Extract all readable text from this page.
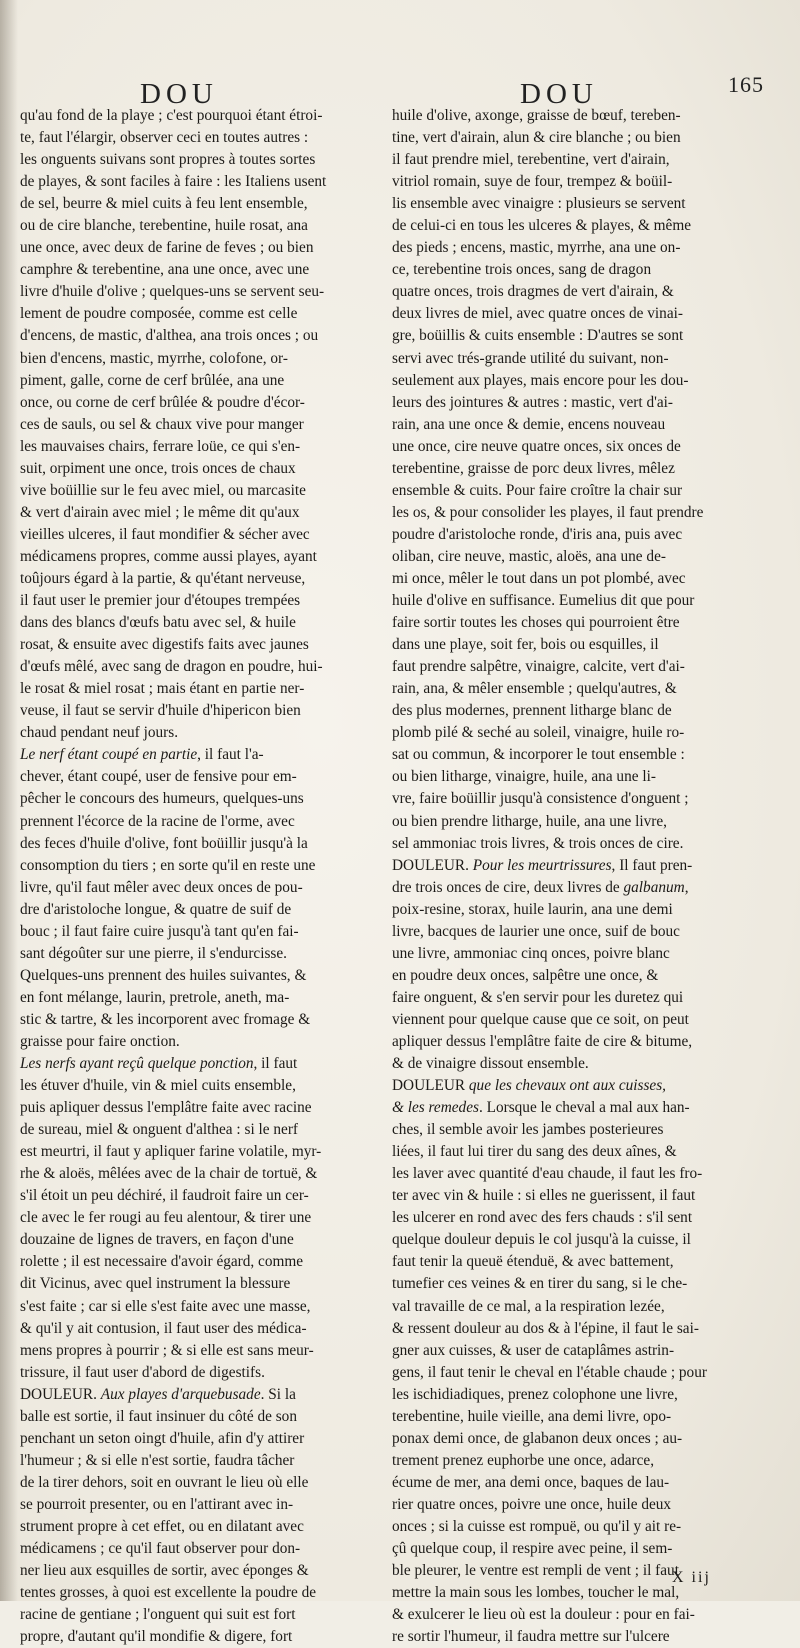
DOU	DOU	165
qu'au fond de la playe ; c'est pourquoi étant étroi-
te, faut l'élargir, observer ceci en toutes autres :
les onguents suivans sont propres à toutes sortes
de playes, & sont faciles à faire : les Italiens usent
de sel, beurre & miel cuits à feu lent ensemble,
ou de cire blanche, terebentine, huile rosat, ana
une once, avec deux de farine de feves ; ou bien
camphre & terebentine, ana une once, avec une
livre d'huile d'olive ; quelques-uns se servent seu-
lement de poudre composée, comme est celle
d'encens, de mastic, d'althea, ana trois onces ; ou
bien d'encens, mastic, myrrhe, colofone, or-
piment, galle, corne de cerf brûlée, ana une
once, ou corne de cerf brûlée & poudre d'écor-
ces de sauls, ou sel & chaux vive pour manger
les mauvaises chairs, ferrare loüe, ce qui s'en-
suit, orpiment une once, trois onces de chaux
vive boüillie sur le feu avec miel, ou marcasite
& vert d'airain avec miel ; le même dit qu'aux
vieilles ulceres, il faut mondifier & sécher avec
médicamens propres, comme aussi playes, ayant
toûjours égard à la partie, & qu'étant nerveuse,
il faut user le premier jour d'étoupes trempées
dans des blancs d'œufs batu avec sel, & huile
rosat, & ensuite avec digestifs faits avec jaunes
d'œufs mêlé, avec sang de dragon en poudre, hui-
le rosat & miel rosat ; mais étant en partie ner-
veuse, il faut se servir d'huile d'hipericon bien
chaud pendant neuf jours.
Le nerf étant coupé en partie, il faut l'a-
chever, étant coupé, user de fensive pour em-
pêcher le concours des humeurs, quelques-uns
prennent l'écorce de la racine de l'orme, avec
des feces d'huile d'olive, font boüillir jusqu'à la
consomption du tiers ; en sorte qu'il en reste une
livre, qu'il faut mêler avec deux onces de pou-
dre d'aristoloche longue, & quatre de suif de
bouc ; il faut faire cuire jusqu'à tant qu'en fai-
sant dégoûter sur une pierre, il s'endurcisse.
Quelques-uns prennent des huiles suivantes, &
en font mélange, laurin, pretrole, aneth, ma-
stic & tartre, & les incorporent avec fromage &
graisse pour faire onction.
Les nerfs ayant reçû quelque ponction, il faut
les étuver d'huile, vin & miel cuits ensemble,
puis apliquer dessus l'emplâtre faite avec racine
de sureau, miel & onguent d'althea : si le nerf
est meurtri, il faut y apliquer farine volatile, myr-
rhe & aloës, mêlées avec de la chair de tortuë, &
s'il étoit un peu déchiré, il faudroit faire un cer-
cle avec le fer rougi au feu alentour, & tirer une
douzaine de lignes de travers, en façon d'une
rolette ; il est necessaire d'avoir égard, comme
dit Vicinus, avec quel instrument la blessure
s'est faite ; car si elle s'est faite avec une masse,
& qu'il y ait contusion, il faut user des médica-
mens propres à pourrir ; & si elle est sans meur-
trissure, il faut user d'abord de digestifs.
DOULEUR. Aux playes d'arquebusade. Si la
balle est sortie, il faut insinuer du côté de son
penchant un seton oingt d'huile, afin d'y attirer
l'humeur ; & si elle n'est sortie, faudra tâcher
de la tirer dehors, soit en ouvrant le lieu où elle
se pourroit presenter, ou en l'attirant avec in-
strument propre à cet effet, ou en dilatant avec
médicamens ; ce qu'il faut observer pour don-
ner lieu aux esquilles de sortir, avec éponges &
tentes grosses, à quoi est excellente la poudre de
racine de gentiane ; l'onguent qui suit est fort
propre, d'autant qu'il mondifie & digere, fort
huile d'olive, axonge, graisse de bœuf, tereben-
tine, vert d'airain, alun & cire blanche ; ou bien
il faut prendre miel, terebentine, vert d'airain,
vitriol romain, suye de four, trempez & boüil-
lis ensemble avec vinaigre : plusieurs se servent
de celui-ci en tous les ulceres & playes, & même
des pieds ; encens, mastic, myrrhe, ana une on-
ce, terebentine trois onces, sang de dragon
quatre onces, trois dragmes de vert d'airain, &
deux livres de miel, avec quatre onces de vinai-
gre, boüillis & cuits ensemble : D'autres se sont
servi avec trés-grande utilité du suivant, non-
seulement aux playes, mais encore pour les dou-
leurs des jointures & autres : mastic, vert d'ai-
rain, ana une once & demie, encens nouveau
une once, cire neuve quatre onces, six onces de
terebentine, graisse de porc deux livres, mêlez
ensemble & cuits. Pour faire croître la chair sur
les os, & pour consolider les playes, il faut prendre
poudre d'aristoloche ronde, d'iris ana, puis avec
oliban, cire neuve, mastic, aloës, ana une de-
mi once, mêler le tout dans un pot plombé, avec
huile d'olive en suffisance. Eumelius dit que pour
faire sortir toutes les choses qui pourroient être
dans une playe, soit fer, bois ou esquilles, il
faut prendre salpêtre, vinaigre, calcite, vert d'ai-
rain, ana, & mêler ensemble ; quelqu'autres, &
des plus modernes, prennent litharge blanc de
plomb pilé & seché au soleil, vinaigre, huile ro-
sat ou commun, & incorporer le tout ensemble :
ou bien litharge, vinaigre, huile, ana une li-
vre, faire boüillir jusqu'à consistence d'onguent ;
ou bien prendre litharge, huile, ana une livre,
sel ammoniac trois livres, & trois onces de cire.
DOULEUR. Pour les meurtrissures, Il faut pren-
dre trois onces de cire, deux livres de galbanum,
poix-resine, storax, huile laurin, ana une demi
livre, bacques de laurier une once, suif de bouc
une livre, ammoniac cinq onces, poivre blanc
en poudre deux onces, salpêtre une once, &
faire onguent, & s'en servir pour les duretez qui
viennent pour quelque cause que ce soit, on peut
apliquer dessus l'emplâtre faite de cire & bitume,
& de vinaigre dissout ensemble.
DOULEUR que les chevaux ont aux cuisses,
& les remedes. Lorsque le cheval a mal aux han-
ches, il semble avoir les jambes posterieures
liées, il faut lui tirer du sang des deux aînes, &
les laver avec quantité d'eau chaude, il faut les fro-
ter avec vin & huile : si elles ne guerissent, il faut
les ulcerer en rond avec des fers chauds : s'il sent
quelque douleur depuis le col jusqu'à la cuisse, il
faut tenir la queuë étenduë, & avec battement,
tumefier ces veines & en tirer du sang, si le che-
val travaille de ce mal, a la respiration lezée,
& ressent douleur au dos & à l'épine, il faut le sai-
gner aux cuisses, & user de cataplâmes astrin-
gens, il faut tenir le cheval en l'étable chaude ; pour
les ischidiadiques, prenez colophone une livre,
terebentine, huile vieille, ana demi livre, opo-
ponax demi once, de glabanon deux onces ; au-
trement prenez euphorbe une once, adarce,
écume de mer, ana demi once, baques de lau-
rier quatre onces, poivre une once, huile deux
onces ; si la cuisse est rompuë, ou qu'il y ait re-
çû quelque coup, il respire avec peine, il sem-
ble pleurer, le ventre est rempli de vent ; il faut
mettre la main sous les lombes, toucher le mal,
& exulcerer le lieu où est la douleur : pour en fai-
re sortir l'humeur, il faudra mettre sur l'ulcere
X iij
